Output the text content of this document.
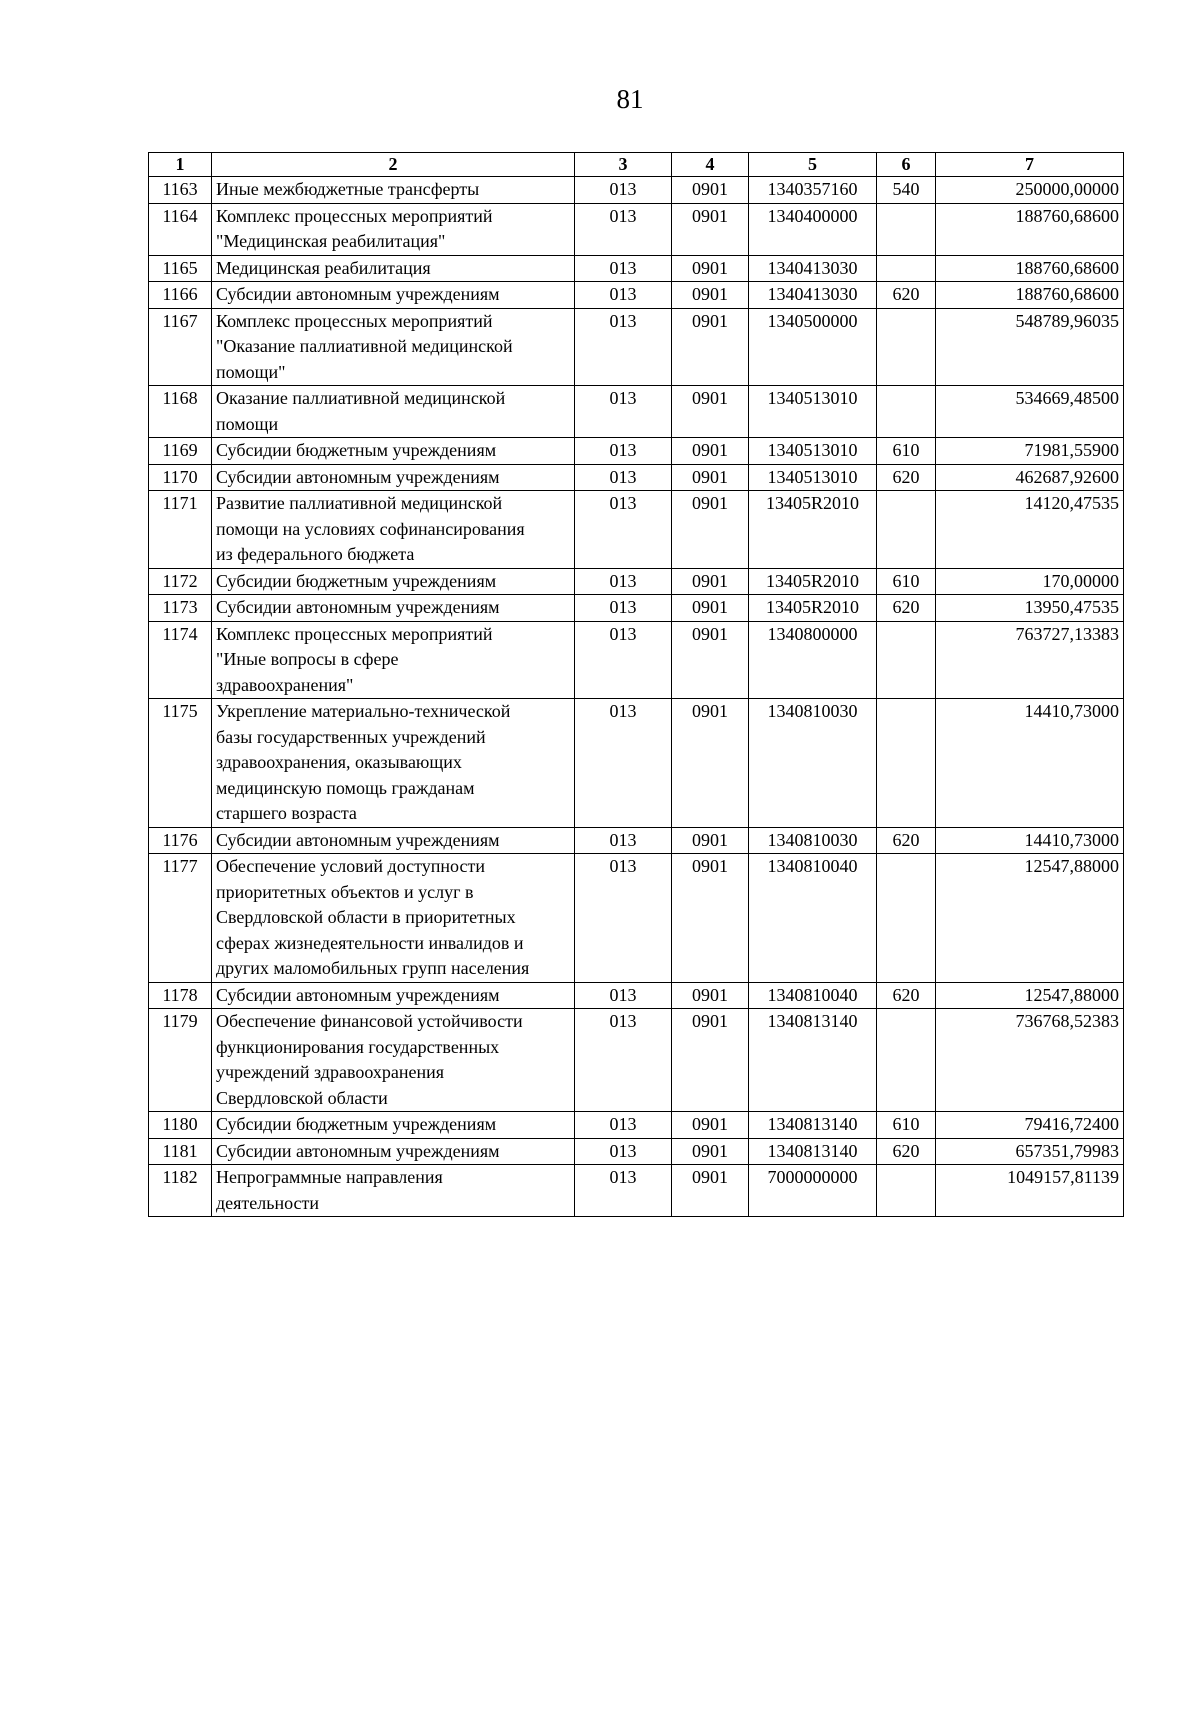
81
1	2	3	4	5	6	7
1163	Иные межбюджетные трансферты	013	0901	1340357160	540	250000,00000
1164	Комплекс процессных мероприятий
"Медицинская реабилитация"	013	0901	1340400000		188760,68600
1165	Медицинская реабилитация	013	0901	1340413030		188760,68600
1166	Субсидии автономным учреждениям	013	0901	1340413030	620	188760,68600
1167	Комплекс процессных мероприятий
"Оказание паллиативной медицинской
помощи"	013	0901	1340500000		548789,96035
1168	Оказание паллиативной медицинской
помощи	013	0901	1340513010		534669,48500
1169	Субсидии бюджетным учреждениям	013	0901	1340513010	610	71981,55900
1170	Субсидии автономным учреждениям	013	0901	1340513010	620	462687,92600
1171	Развитие паллиативной медицинской
помощи на условиях софинансирования
из федерального бюджета	013	0901	13405R2010		14120,47535
1172	Субсидии бюджетным учреждениям	013	0901	13405R2010	610	170,00000
1173	Субсидии автономным учреждениям	013	0901	13405R2010	620	13950,47535
1174	Комплекс процессных мероприятий
"Иные вопросы в сфере
здравоохранения"	013	0901	1340800000		763727,13383
1175	Укрепление материально-технической
базы государственных учреждений
здравоохранения, оказывающих
медицинскую помощь гражданам
старшего возраста	013	0901	1340810030		14410,73000
1176	Субсидии автономным учреждениям	013	0901	1340810030	620	14410,73000
1177	Обеспечение условий доступности
приоритетных объектов и услуг в
Свердловской области в приоритетных
сферах жизнедеятельности инвалидов и
других маломобильных групп населения	013	0901	1340810040		12547,88000
1178	Субсидии автономным учреждениям	013	0901	1340810040	620	12547,88000
1179	Обеспечение финансовой устойчивости
функционирования государственных
учреждений здравоохранения
Свердловской области	013	0901	1340813140		736768,52383
1180	Субсидии бюджетным учреждениям	013	0901	1340813140	610	79416,72400
1181	Субсидии автономным учреждениям	013	0901	1340813140	620	657351,79983
1182	Непрограммные направления
деятельности	013	0901	7000000000		1049157,81139
